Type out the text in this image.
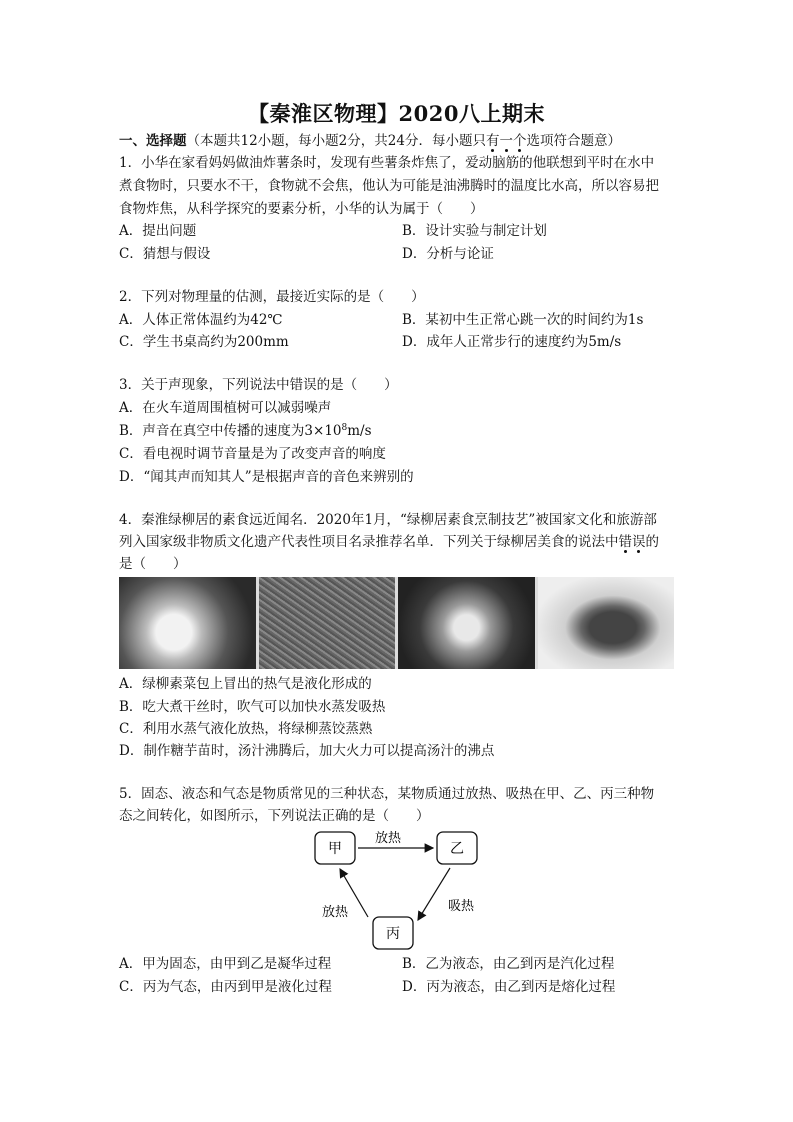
【秦淮区物理】2020八上期末
一、选择题（本题共12小题，每小题2分，共24分．每小题只有一个选项符合题意）
1．小华在家看妈妈做油炸薯条时，发现有些薯条炸焦了，爱动脑筋的他联想到平时在水中
煮食物时，只要水不干，食物就不会焦，他认为可能是油沸腾时的温度比水高，所以容易把
食物炸焦，从科学探究的要素分析，小华的认为属于（　　）
A．提出问题	B．设计实验与制定计划
C．猜想与假设	D．分析与论证
2．下列对物理量的估测，最接近实际的是（　　）
A．人体正常体温约为42℃	B．某初中生正常心跳一次的时间约为1s
C．学生书桌高约为200mm	D．成年人正常步行的速度约为5m/s
3．关于声现象，下列说法中错误的是（　　）
A．在火车道周围植树可以减弱噪声
B．声音在真空中传播的速度为$3\times 10^8m/s$
C．看电视时调节音量是为了改变声音的响度
D．“闻其声而知其人”是根据声音的音色来辨别的
4．秦淮绿柳居的素食远近闻名．2020年1月，“绿柳居素食烹制技艺”被国家文化和旅游部
列入国家级非物质文化遗产代表性项目名录推荐名单．下列关于绿柳居美食的说法中错误的
是（　　）
A．绿柳素菜包上冒出的热气是液化形成的
B．吃大煮干丝时，吹气可以加快水蒸发吸热
C．利用水蒸气液化放热，将绿柳蒸饺蒸熟
D．制作糖芋苗时，汤汁沸腾后，加大火力可以提高汤汁的沸点
5．固态、液态和气态是物质常见的三种状态，某物质通过放热、吸热在甲、乙、丙三种物
态之间转化，如图所示，下列说法正确的是（　　）
甲	乙
丙
放热
吸热
放热
A．甲为固态，由甲到乙是凝华过程	B．乙为液态，由乙到丙是汽化过程
C．丙为气态，由丙到甲是液化过程	D．丙为液态，由乙到丙是熔化过程
